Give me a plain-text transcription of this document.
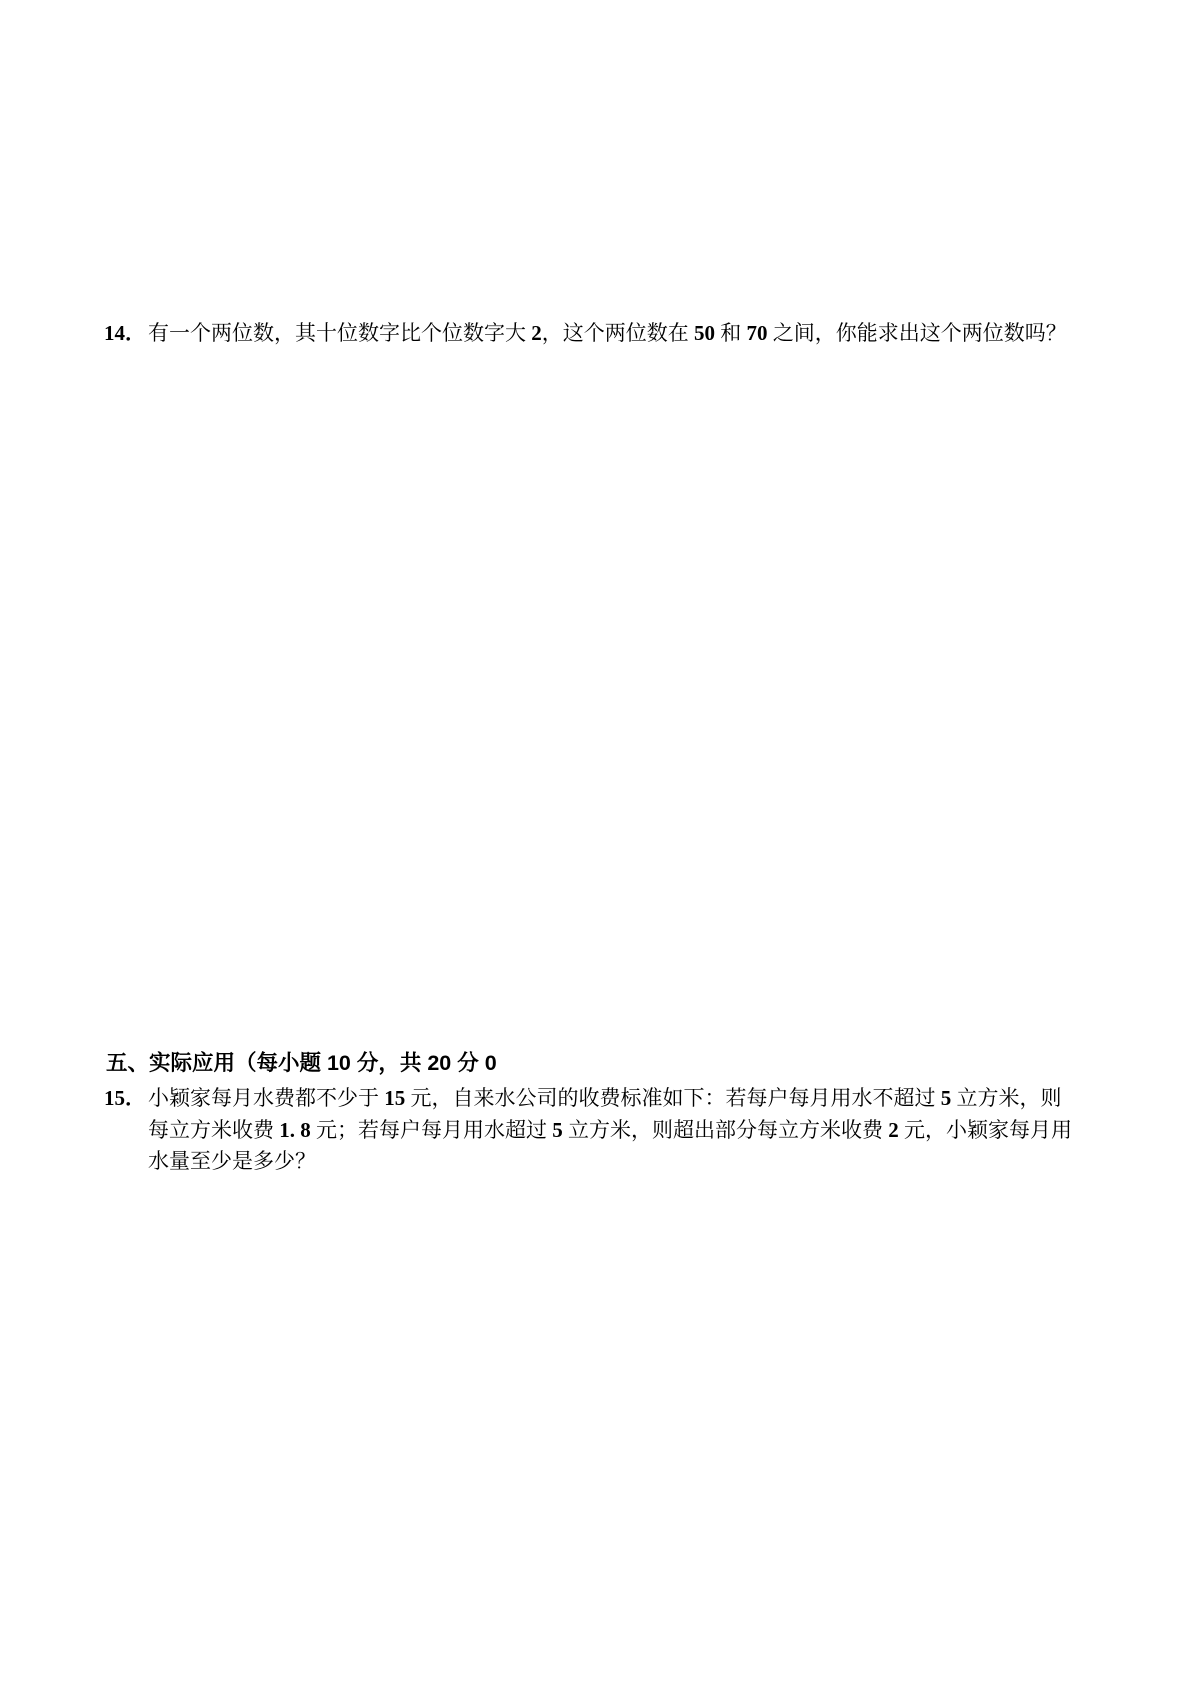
14． 有一个两位数，其十位数字比个位数字大 2，这个两位数在 50 和 70 之间，你能求出这个两位数吗？
五、实际应用（每小题 10 分，共 20 分 0
15． 小颖家每月水费都不少于 15 元，自来水公司的收费标准如下：若每户每月用水不超过 5 立方米，则
每立方米收费 1. 8 元；若每户每月用水超过 5 立方米，则超出部分每立方米收费 2 元，小颖家每月用
水量至少是多少？
